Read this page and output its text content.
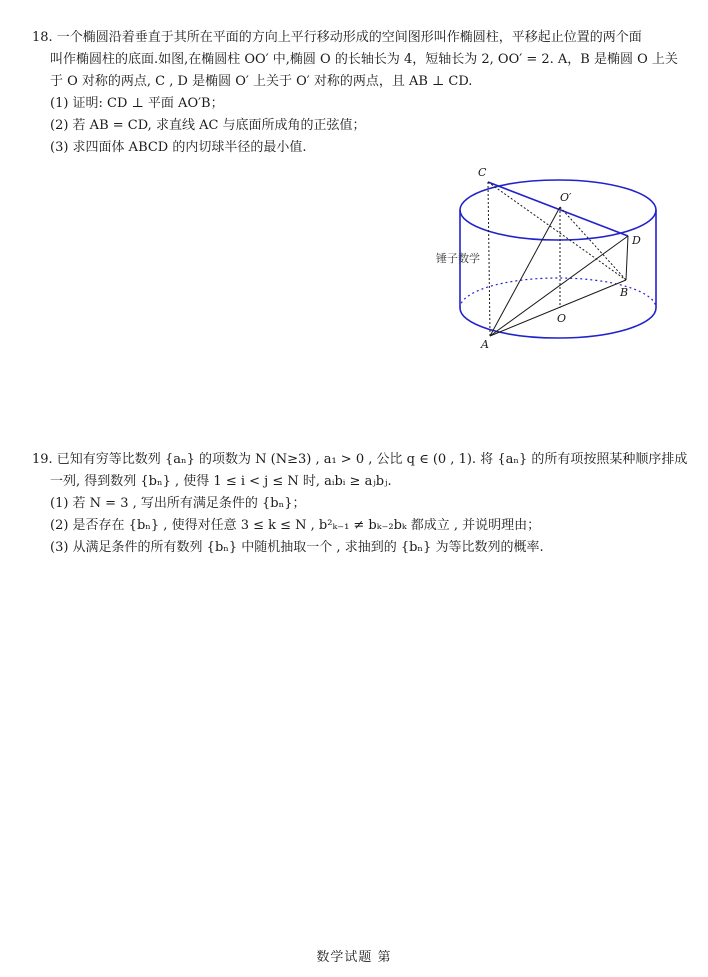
18. 一个椭圆沿着垂直于其所在平面的方向上平行移动形成的空间图形叫作椭圆柱，平移起止位置的两个面
叫作椭圆柱的底面.如图,在椭圆柱 OO′ 中,椭圆 O 的长轴长为 4，短轴长为 2, OO′ = 2. A，B 是椭圆 O 上关
于 O 对称的两点, C , D 是椭圆 O′ 上关于 O′ 对称的两点，且 AB ⊥ CD.
(1) 证明: CD ⊥ 平面 AO′B；
(2) 若 AB = CD, 求直线 AC 与底面所成角的正弦值；
(3) 求四面体 ABCD 的内切球半径的最小值.
C
O′
D
B
O
A
锤子数学
19. 已知有穷等比数列 {aₙ} 的项数为 N (N≥3) , a₁ > 0 , 公比 q ∈ (0 , 1). 将 {aₙ} 的所有项按照某种顺序排成
一列, 得到数列 {bₙ} , 使得 1 ≤ i < j ≤ N 时, aᵢbᵢ ≥ aⱼbⱼ.
(1) 若 N = 3 , 写出所有满足条件的 {bₙ}；
(2) 是否存在 {bₙ} , 使得对任意 3 ≤ k ≤ N , b²ₖ₋₁ ≠ bₖ₋₂bₖ 都成立 , 并说明理由；
(3) 从满足条件的所有数列 {bₙ} 中随机抽取一个 , 求抽到的 {bₙ} 为等比数列的概率.
数学试题 第
